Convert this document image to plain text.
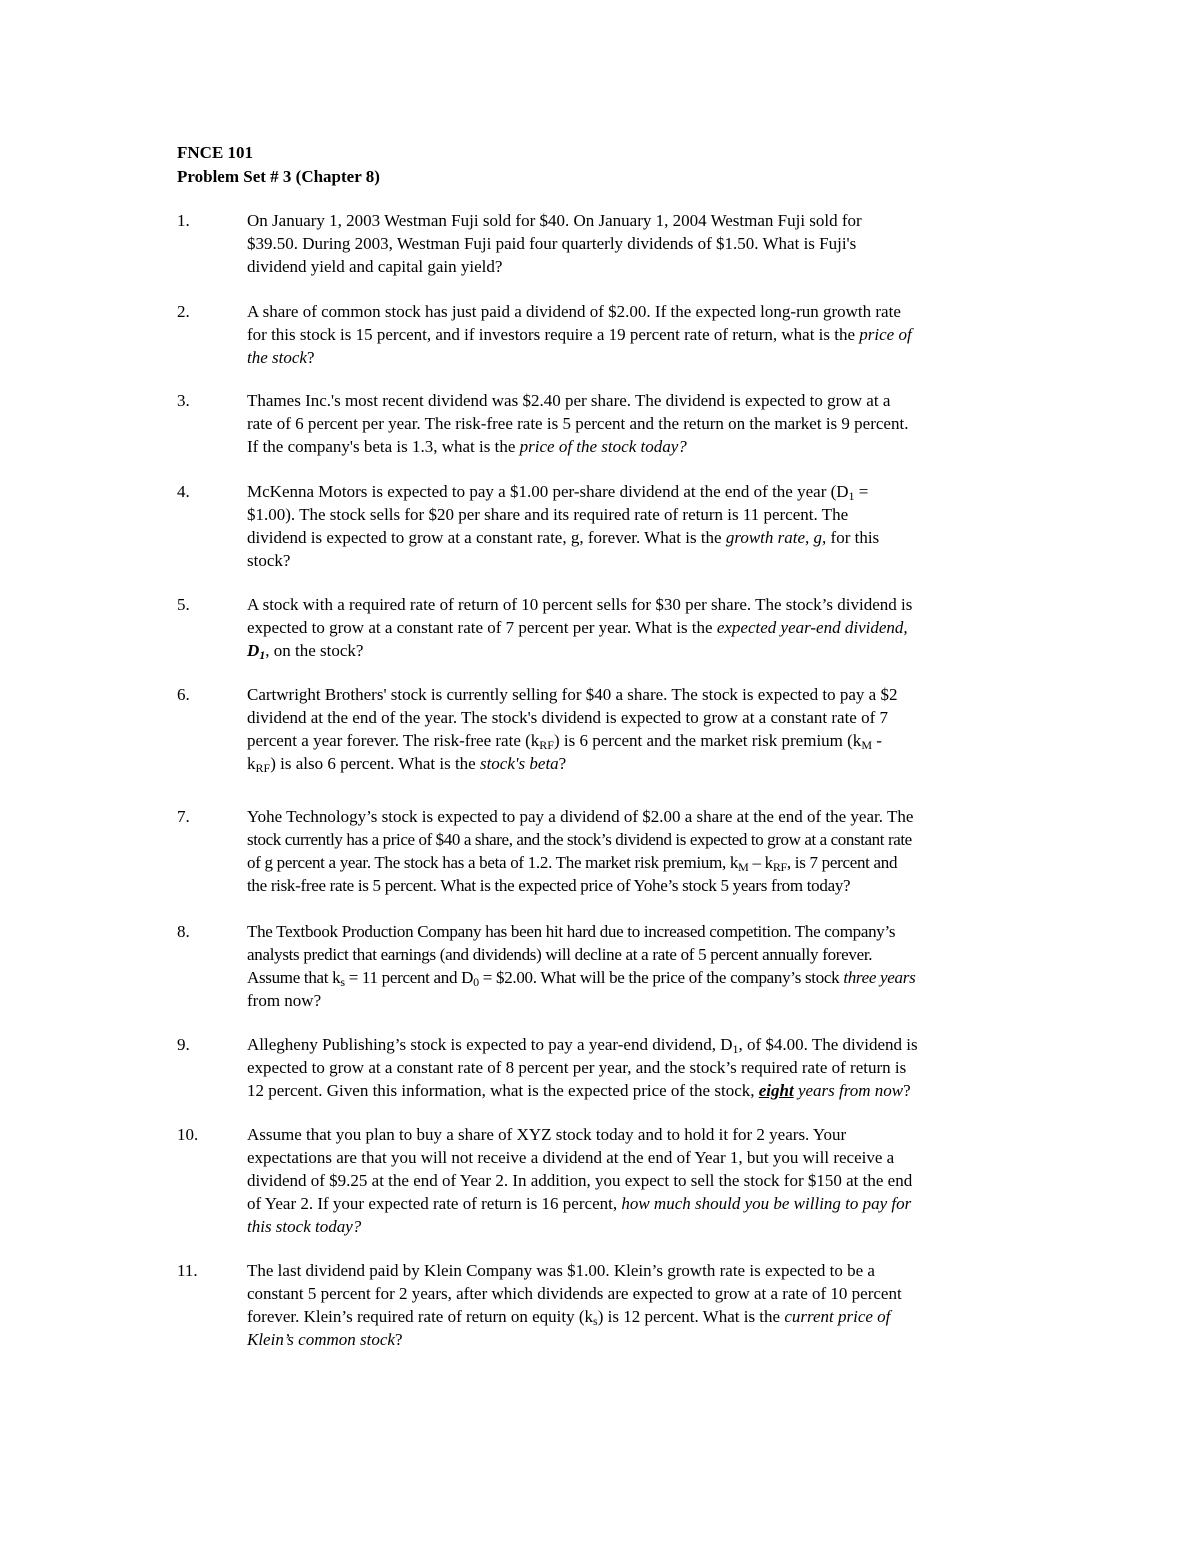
FNCE 101
Problem Set # 3 (Chapter 8)
1.	On January 1, 2003 Westman Fuji sold for $40. On January 1, 2004 Westman Fuji sold for
$39.50. During 2003, Westman Fuji paid four quarterly dividends of $1.50. What is Fuji's
dividend yield and capital gain yield?
2.	A share of common stock has just paid a dividend of $2.00. If the expected long-run growth rate
for this stock is 15 percent, and if investors require a 19 percent rate of return, what is the price of
the stock?
3.	Thames Inc.'s most recent dividend was $2.40 per share. The dividend is expected to grow at a
rate of 6 percent per year. The risk-free rate is 5 percent and the return on the market is 9 percent.
If the company's beta is 1.3, what is the price of the stock today?
4.	McKenna Motors is expected to pay a $1.00 per-share dividend at the end of the year ($D_1$ =
$1.00). The stock sells for $20 per share and its required rate of return is 11 percent. The
dividend is expected to grow at a constant rate, g, forever. What is the growth rate, g, for this
stock?
5.	A stock with a required rate of return of 10 percent sells for $30 per share. The stock’s dividend is
expected to grow at a constant rate of 7 percent per year. What is the expected year-end dividend,
$D_1$, on the stock?
6.	Cartwright Brothers' stock is currently selling for $40 a share. The stock is expected to pay a $2
dividend at the end of the year. The stock's dividend is expected to grow at a constant rate of 7
percent a year forever. The risk-free rate $(k_{RF})$ is 6 percent and the market risk premium ($k_M$ -
$k_{RF}$) is also 6 percent. What is the stock's beta?
7.	Yohe Technology’s stock is expected to pay a dividend of $2.00 a share at the end of the year. The
stock currently has a price of $40 a share, and the stock’s dividend is expected to grow at a constant rate
of g percent a year. The stock has a beta of 1.2. The market risk premium, $k_M - k_{RF}$, is 7 percent and
the risk-free rate is 5 percent. What is the expected price of Yohe’s stock 5 years from today?
8.	The Textbook Production Company has been hit hard due to increased competition. The company’s
analysts predict that earnings (and dividends) will decline at a rate of 5 percent annually forever.
Assume that $k_s = 11$ percent and $D_0$ = $2.00. What will be the price of the company’s stock three years
from now?
9.	Allegheny Publishing’s stock is expected to pay a year-end dividend, $D_1$, of $4.00. The dividend is
expected to grow at a constant rate of 8 percent per year, and the stock’s required rate of return is
12 percent. Given this information, what is the expected price of the stock, eight years from now?
10.	Assume that you plan to buy a share of XYZ stock today and to hold it for 2 years. Your
expectations are that you will not receive a dividend at the end of Year 1, but you will receive a
dividend of $9.25 at the end of Year 2. In addition, you expect to sell the stock for $150 at the end
of Year 2. If your expected rate of return is 16 percent, how much should you be willing to pay for
this stock today?
11.	The last dividend paid by Klein Company was $1.00. Klein’s growth rate is expected to be a
constant 5 percent for 2 years, after which dividends are expected to grow at a rate of 10 percent
forever. Klein’s required rate of return on equity $(k_s)$ is 12 percent. What is the current price of
Klein’s common stock?
